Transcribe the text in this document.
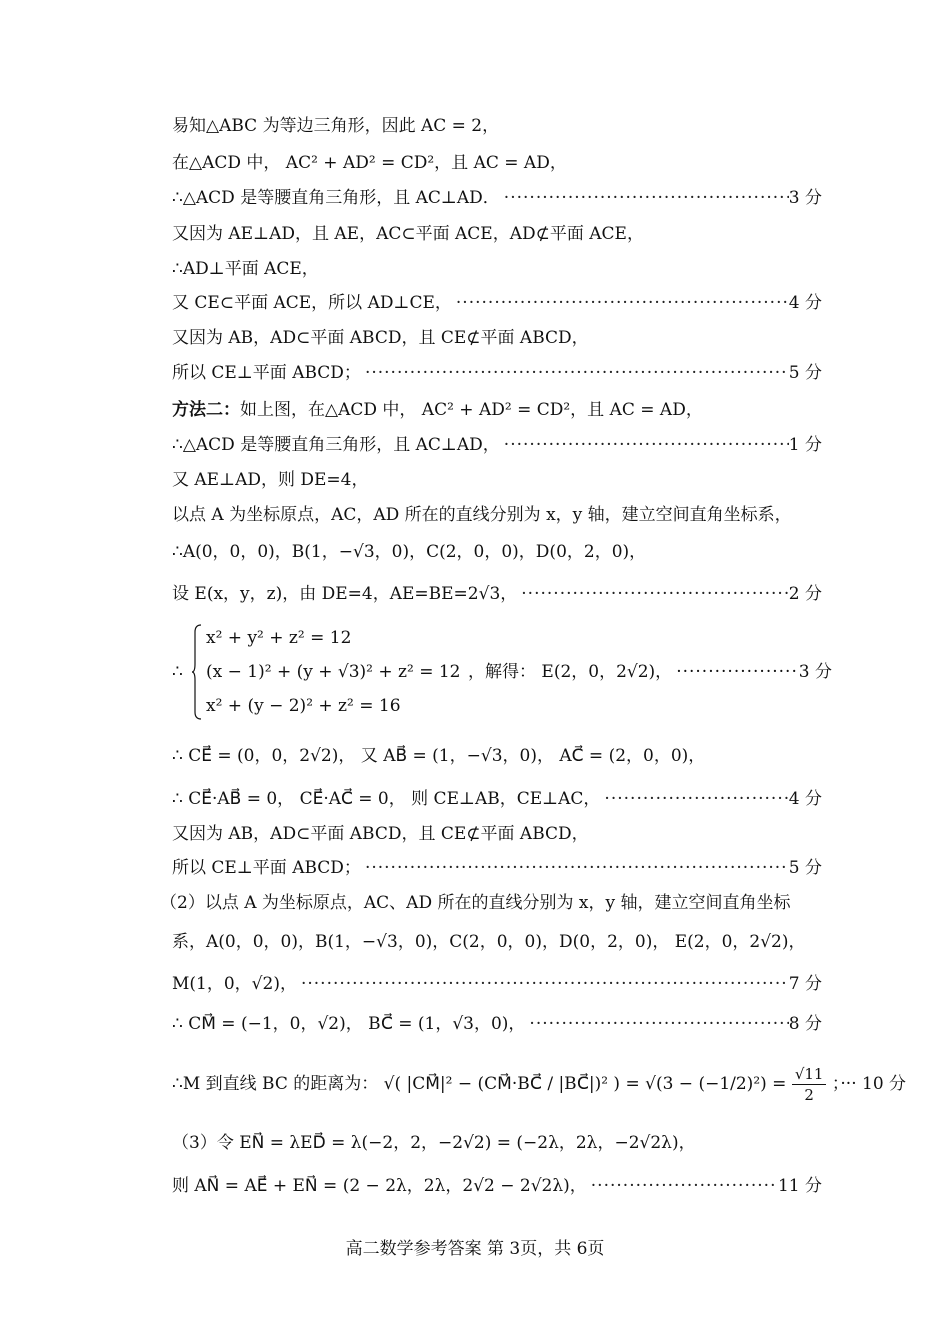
易知△ABC 为等边三角形，因此 AC = 2，
在△ACD 中， AC² + AD² = CD²，且 AC = AD，
∴△ACD 是等腰直角三角形，且 AC⊥AD． ·····	3 分
又因为 AE⊥AD，且 AE，AC⊂平面 ACE，AD⊄平面 ACE，
∴AD⊥平面 ACE，
又 CE⊂平面 ACE，所以 AD⊥CE， ·····	4 分
又因为 AB，AD⊂平面 ABCD，且 CE⊄平面 ABCD，
所以 CE⊥平面 ABCD； ·····	5 分
方法二：如上图，在△ACD 中， AC² + AD² = CD²，且 AC = AD，
∴△ACD 是等腰直角三角形，且 AC⊥AD， ·····	1 分
又 AE⊥AD，则 DE=4，
以点 A 为坐标原点，AC，AD 所在的直线分别为 x，y 轴，建立空间直角坐标系，
∴A(0，0，0)，B(1，−√3，0)，C(2，0，0)，D(0，2，0)，
设 E(x，y，z)，由 DE=4，AE=BE=2√3， ·····	2 分
∴
x² + y² + z² = 12
(x − 1)² + (y + √3)² + z² = 12
x² + (y − 2)² + z² = 16
，解得： E(2，0，2√2)， ·····	3 分
∴ CE⃗ = (0，0，2√2)， 又 AB⃗ = (1，−√3，0)， AC⃗ = (2，0，0)，
∴ CE⃗·AB⃗ = 0， CE⃗·AC⃗ = 0， 则 CE⊥AB，CE⊥AC， ·····	4 分
又因为 AB，AD⊂平面 ABCD，且 CE⊄平面 ABCD，
所以 CE⊥平面 ABCD； ·····	5 分
（2）以点 A 为坐标原点，AC、AD 所在的直线分别为 x，y 轴，建立空间直角坐标
系，A(0，0，0)，B(1，−√3，0)，C(2，0，0)，D(0，2，0)， E(2，0，2√2)，
M(1，0，√2)， ·····	7 分
∴ CM⃗ = (−1，0，√2)， BC⃗ = (1，√3，0)， ·····	8 分
∴M 到直线 BC 的距离为： √( |CM⃗|² − (CM⃗·BC⃗ / |BC⃗|)² ) = $√(3 - (-1/2)^2) = \frac{√11}{2}$ ；··· 10 分
（3）令 EN⃗ = λED⃗ = λ(−2，2，−2√2) = (−2λ，2λ，−2√2λ)，
则 AN⃗ = AE⃗ + EN⃗ = (2 − 2λ，2λ，2√2 − 2√2λ)， ·····	11 分
高二数学参考答案 第 3页，共 6页
